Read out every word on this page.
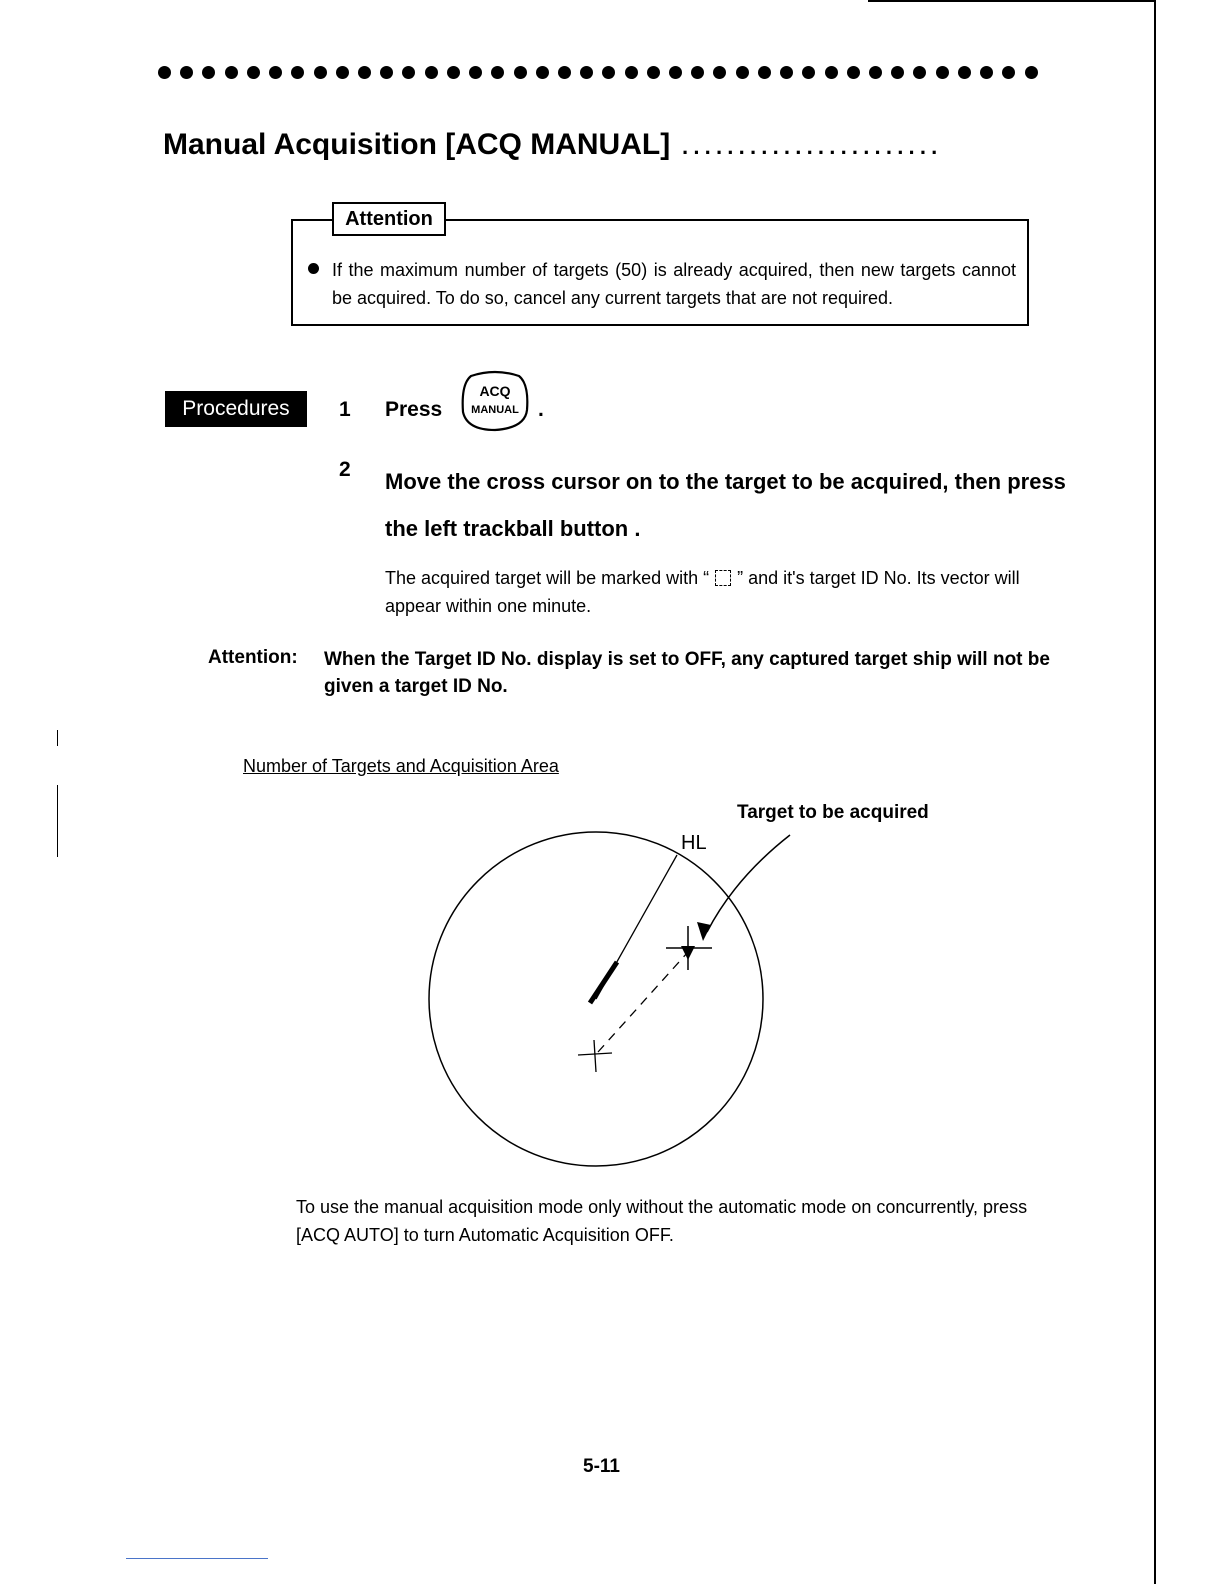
Manual Acquisition [ACQ MANUAL] ·······················
Attention
If the maximum number of targets (50) is already acquired, then new targets cannot be acquired. To do so, cancel any current targets that are not required.
Procedures	1 Press
ACQ
MANUAL .
2 Move the cross cursor on to the target to be acquired, then press the left trackball button .
The acquired target will be marked with “ ” and it's target ID No. Its vector will appear within one minute.
Attention: When the Target ID No. display is set to OFF, any captured target ship will not be given a target ID No.
Number of Targets and Acquisition Area
Target to be acquired
HL
To use the manual acquisition mode only without the automatic mode on concurrently, press [ACQ AUTO] to turn Automatic Acquisition OFF.
5-11
